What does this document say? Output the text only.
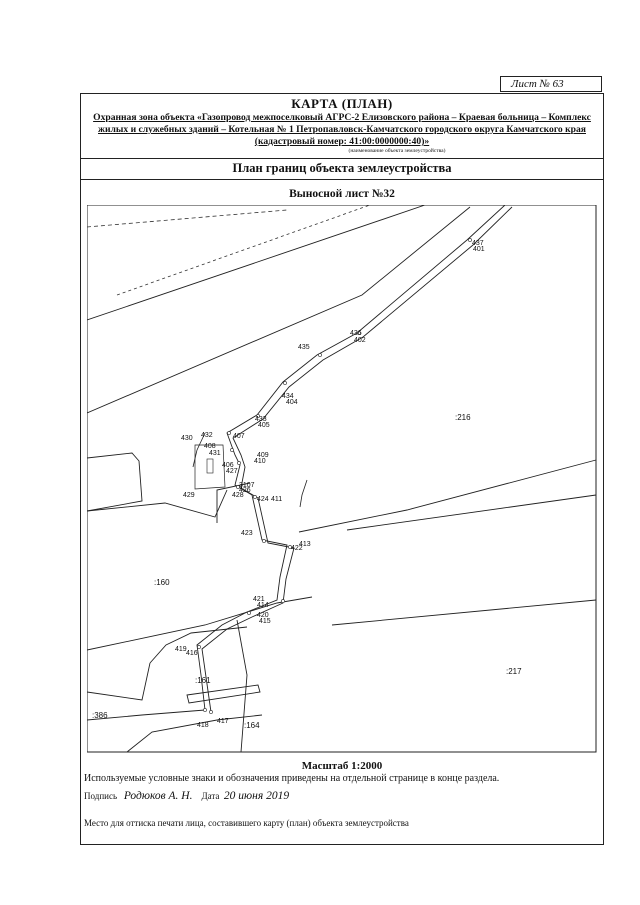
Лист № 63
КАРТА (ПЛАН)
Охранная зона объекта «Газопровод межпоселковый АГРС-2 Елизовского района – Краевая больница – Комплекс жилых и служебных зданий – Котельная № 1 Петропавловск-Камчатского городского округа Камчатского края (кадастровый номер: 41:00:0000000:40)»
(наименование объекта землеустройства)
План границ объекта землеустройства
Выносной лист №32
:216
:160
:217
:386
:164
:161
437
401
436
402
435
434
404
433
405
432
430	407
408
431	409
406
410
427
428
3107
426
429
424 411
423
422
413
421
414
420
415
419
416
418
417
Масштаб 1:2000
Используемые условные знаки и обозначения приведены на отдельной странице в конце раздела.
Подпись Родюков А. Н. Дата 20 июня 2019
Место для оттиска печати лица, составившего карту (план) объекта землеустройства
